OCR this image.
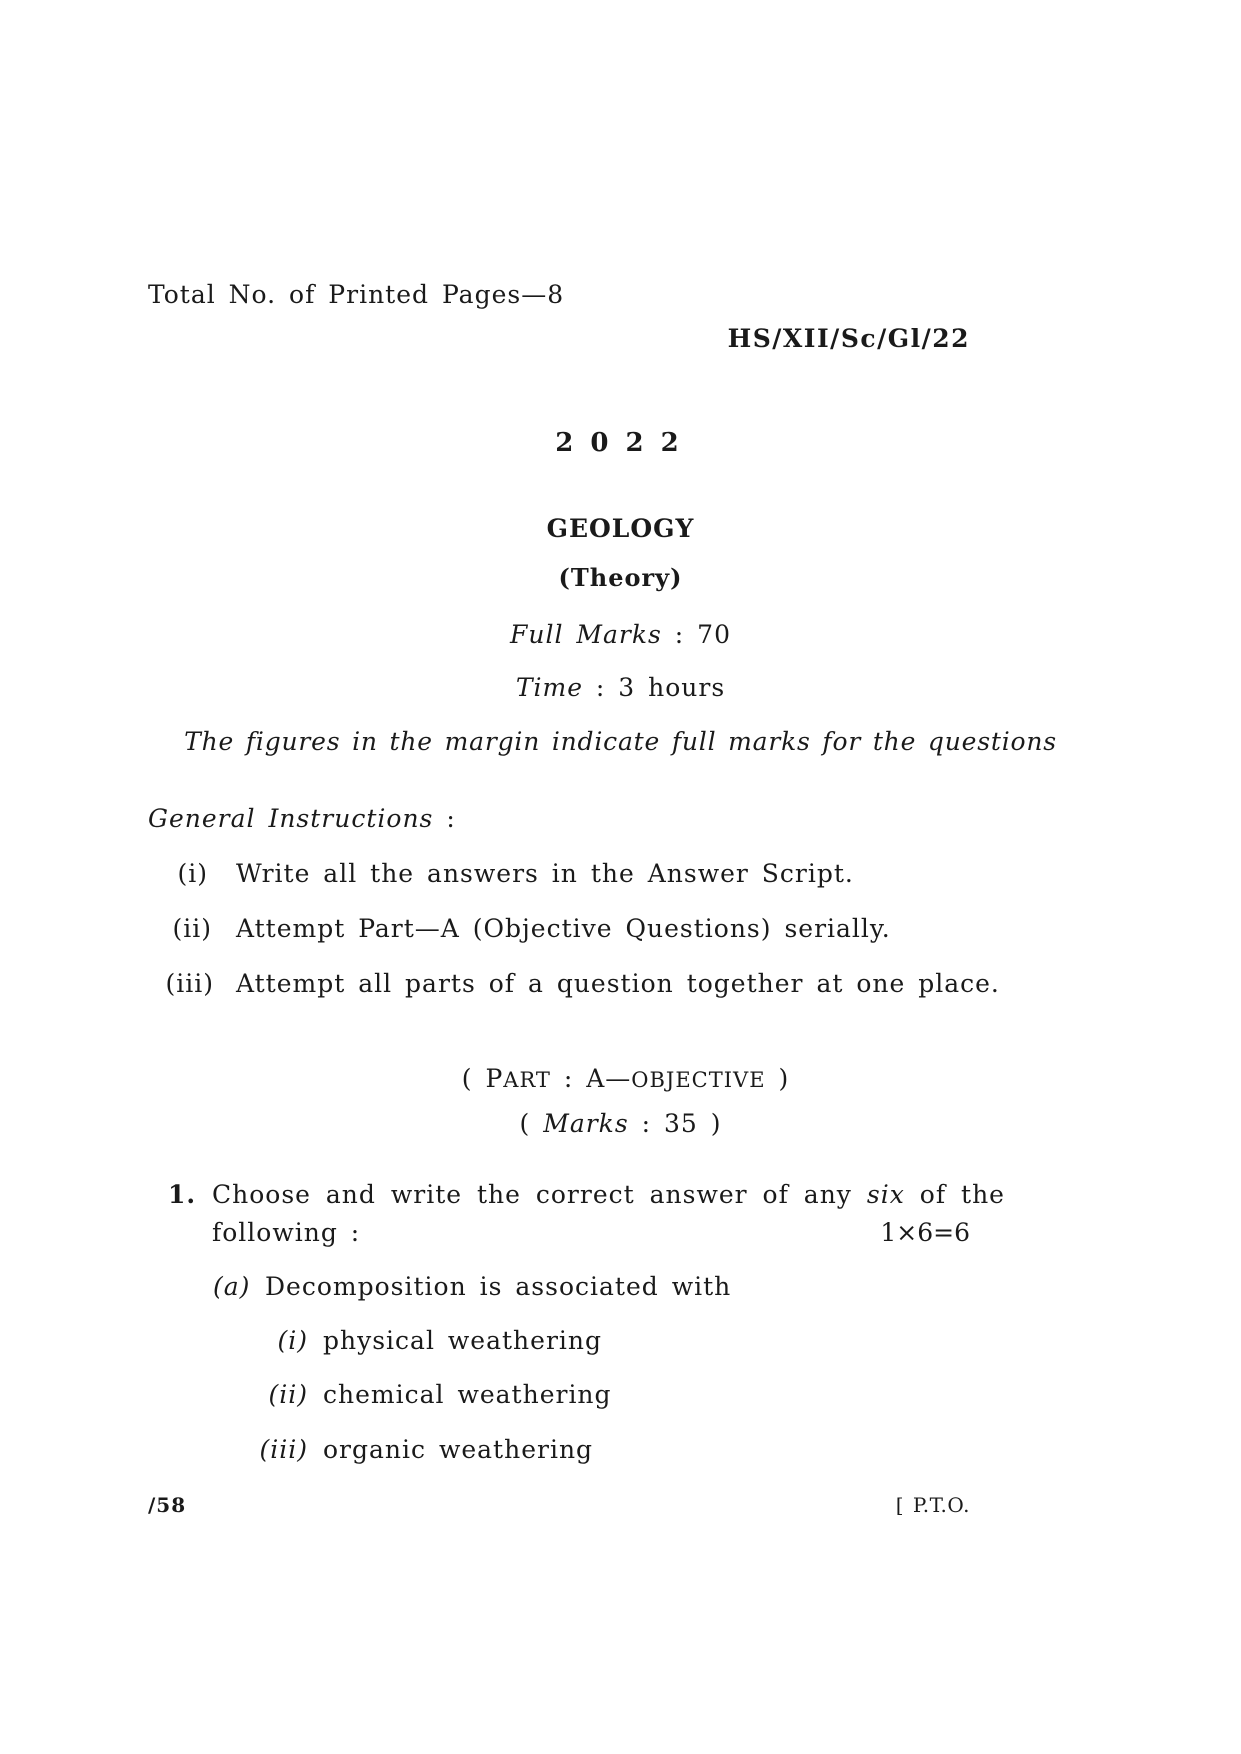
Total No. of Printed Pages—8
HS/XII/Sc/Gl/22
2 0 2 2
GEOLOGY
(Theory)
Full Marks : 70
Time : 3 hours
The figures in the margin indicate full marks for the questions
General Instructions :
(i) Write all the answers in the Answer Script.
(ii) Attempt Part—A (Objective Questions) serially.
(iii) Attempt all parts of a question together at one place.
( PART : A—OBJECTIVE )
( Marks : 35 )
1. Choose and write the correct answer of any six of the
following :	1×6=6
(a) Decomposition is associated with
(i) physical weathering
(ii) chemical weathering
(iii) organic weathering
/58	[ P.T.O.
